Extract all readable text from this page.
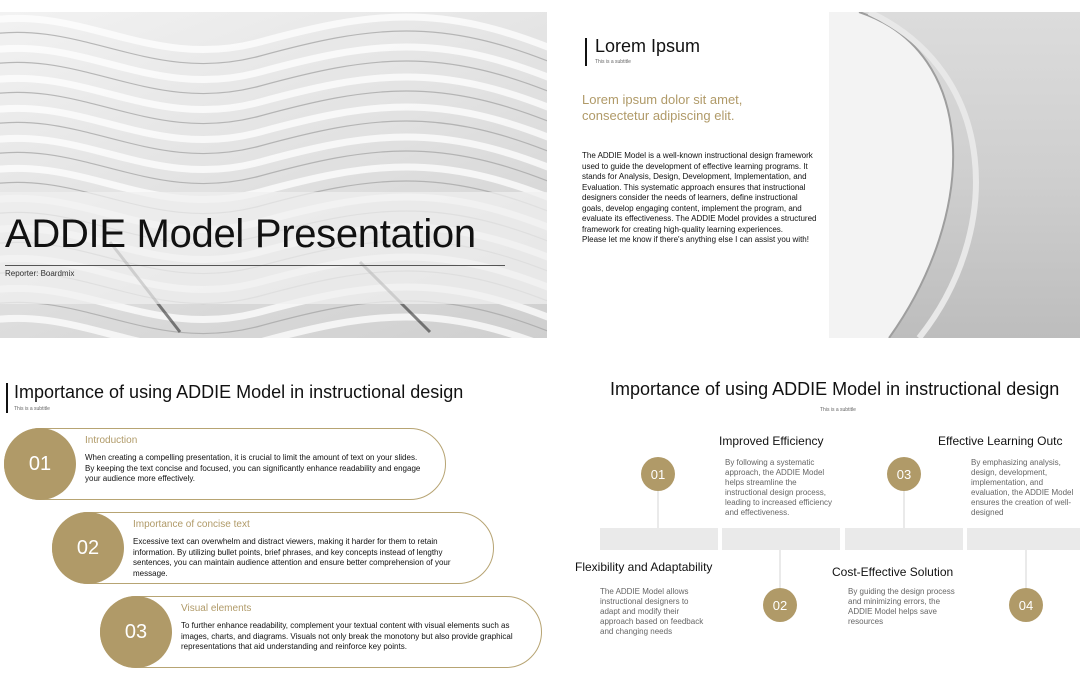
ADDIE Model Presentation
Reporter: Boardmix
Lorem Ipsum
This is a subtitle
Lorem ipsum dolor sit amet, consectetur adipiscing elit.
The ADDIE Model is a well-known instructional design framework used to guide the development of effective learning programs. It stands for Analysis, Design, Development, Implementation, and Evaluation. This systematic approach ensures that instructional designers consider the needs of learners, define instructional goals, develop engaging content, implement the program, and evaluate its effectiveness. The ADDIE Model provides a structured framework for creating high-quality learning experiences.
Please let me know if there's anything else I can assist you with!
Importance of using ADDIE Model in instructional design
This is a subtitle
01
Introduction
When creating a compelling presentation, it is crucial to limit the amount of text on your slides. By keeping the text concise and focused, you can significantly enhance readability and engage your audience more effectively.
02
Importance of concise text
Excessive text can overwhelm and distract viewers, making it harder for them to retain information. By utilizing bullet points, brief phrases, and key concepts instead of lengthy sentences, you can maintain audience attention and ensure better comprehension of your message.
03
Visual elements
To further enhance readability, complement your textual content with visual elements such as images, charts, and diagrams. Visuals not only break the monotony but also provide graphical representations that aid understanding and reinforce key points.
Importance of using ADDIE Model in instructional design
This is a subtitle
01
02
03
04
Improved Efficiency
By following a systematic approach, the ADDIE Model helps streamline the instructional design process, leading to increased efficiency and effectiveness.
Flexibility and Adaptability
The ADDIE Model allows instructional designers to adapt and modify their approach based on feedback and changing needs
Effective Learning Outc
By emphasizing analysis, design, development, implementation, and evaluation, the ADDIE Model ensures the creation of well-designed
Cost-Effective Solution
By guiding the design process and minimizing errors, the ADDIE Model helps save resources
